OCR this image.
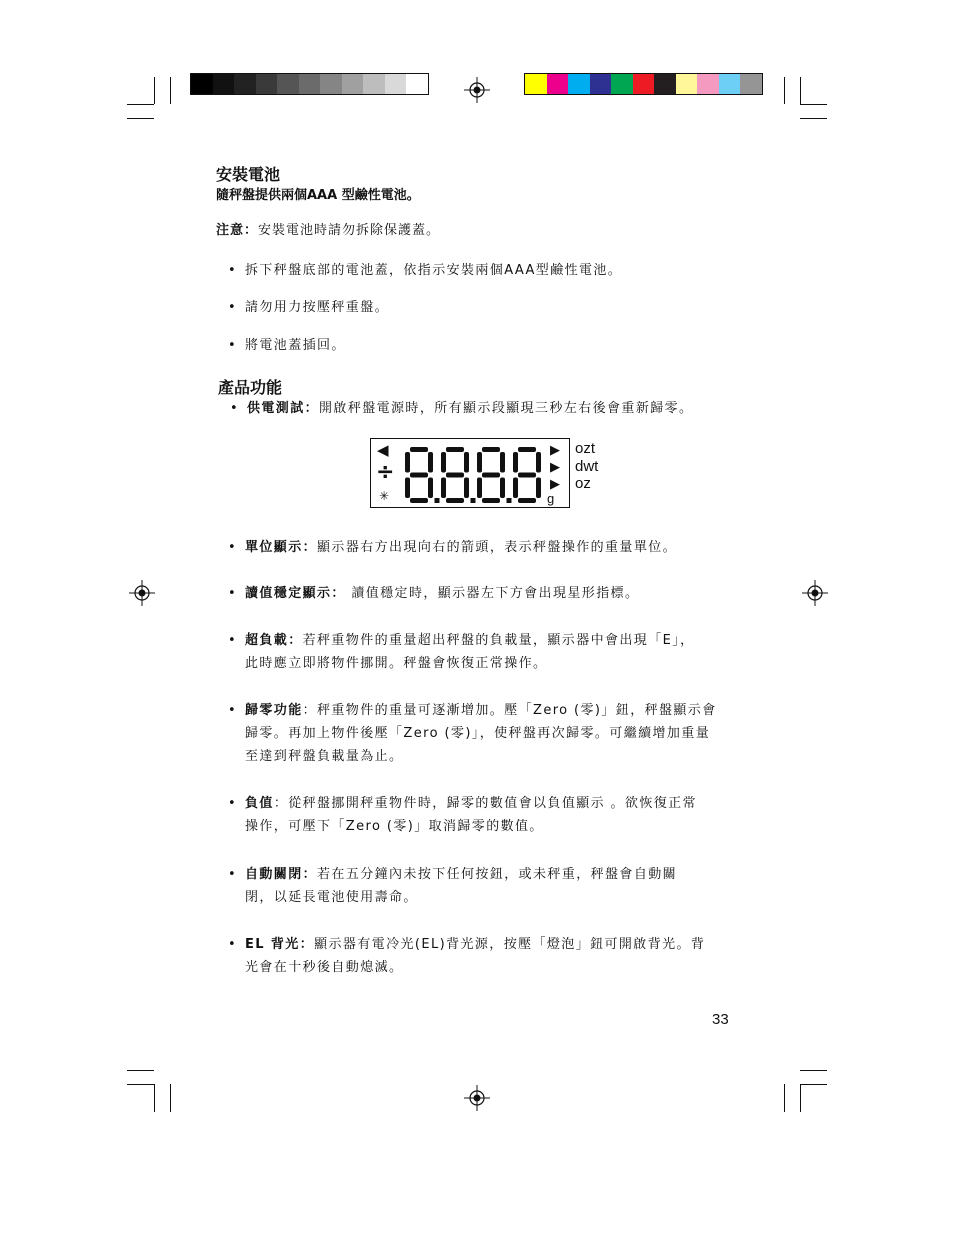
安裝電池
隨秤盤提供兩個AAA 型鹼性電池。
注意：安裝電池時請勿拆除保護蓋。
• 拆下秤盤底部的電池蓋，依指示安裝兩個AAA型鹼性電池。
• 請勿用力按壓秤重盤。
• 將電池蓋插回。
產品功能
• 供電測試：開啟秤盤電源時，所有顯示段顯現三秒左右後會重新歸零。
◀
÷
✳
▶
▶
▶
ozt
dwt
oz
g
• 單位顯示：顯示器右方出現向右的箭頭，表示秤盤操作的重量單位。
• 讀值穩定顯示： 讀值穩定時，顯示器左下方會出現星形指標。
• 超負載：若秤重物件的重量超出秤盤的負載量，顯示器中會出現「E」，
此時應立即將物件挪開。秤盤會恢復正常操作。
• 歸零功能：秤重物件的重量可逐漸增加。壓「Zero (零)」鈕，秤盤顯示會
歸零。再加上物件後壓「Zero (零)」，使秤盤再次歸零。可繼續增加重量
至達到秤盤負載量為止。
• 負值：從秤盤挪開秤重物件時，歸零的數值會以負值顯示 。欲恢復正常
操作，可壓下「Zero (零)」取消歸零的數值。
• 自動關閉：若在五分鐘內未按下任何按鈕，或未秤重，秤盤會自動關
閉，以延長電池使用壽命。
• EL 背光：顯示器有電冷光(EL)背光源，按壓「燈泡」鈕可開啟背光。背
光會在十秒後自動熄滅。
33
